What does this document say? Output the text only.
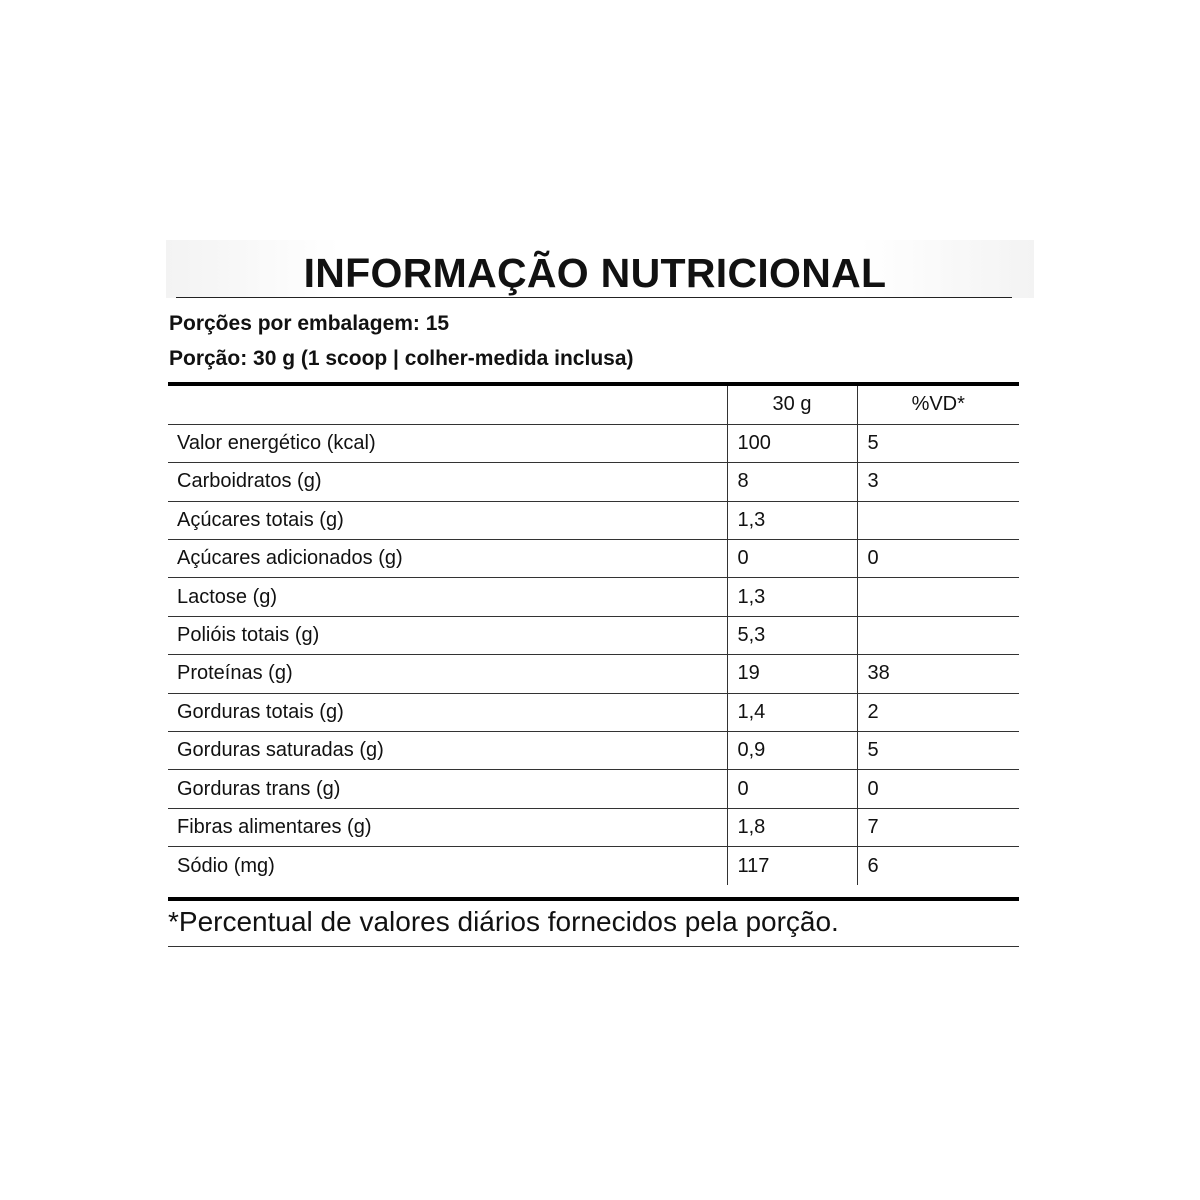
INFORMAÇÃO NUTRICIONAL
Porções por embalagem: 15
Porção: 30 g (1 scoop | colher-medida inclusa)
	30 g	%VD*
Valor energético (kcal)	100	5
Carboidratos (g)	8	3
Açúcares totais (g)	1,3	
Açúcares adicionados (g)	0	0
Lactose (g)	1,3	
Polióis totais (g)	5,3	
Proteínas (g)	19	38
Gorduras totais (g)	1,4	2
Gorduras saturadas (g)	0,9	5
Gorduras trans (g)	0	0
Fibras alimentares (g)	1,8	7
Sódio (mg)	117	6
*Percentual de valores diários fornecidos pela porção.
